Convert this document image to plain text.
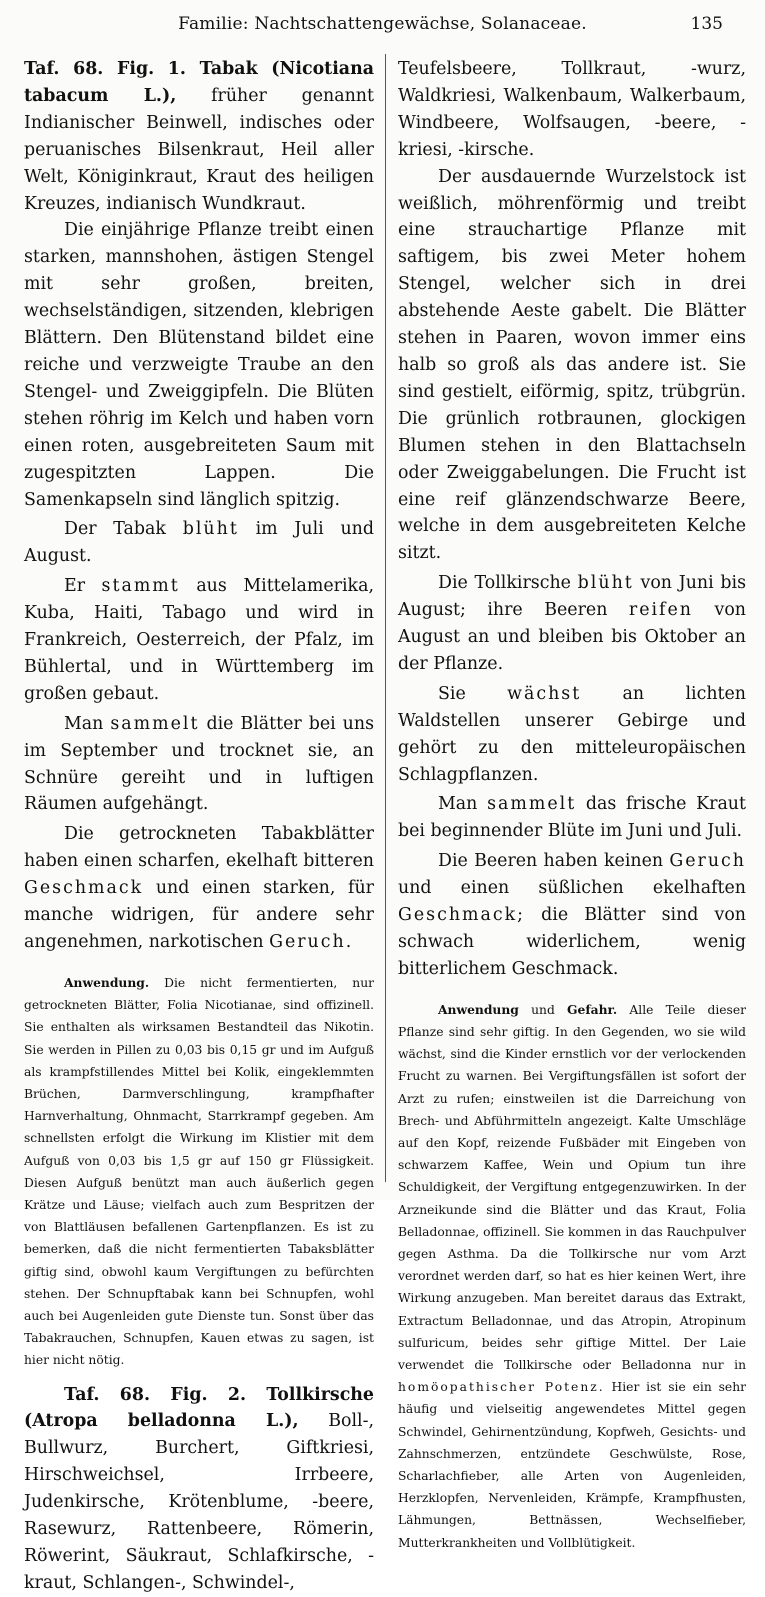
Familie: Nachtschattengewächse, Solanaceae.	135

Taf. 68. Fig. 1. Tabak (Nicotiana tabacum L.), früher genannt Indianischer Beinwell, indisches oder peruanisches Bilsenkraut, Heil aller Welt, Königinkraut, Kraut des heiligen Kreuzes, indianisch Wundkraut.

Die einjährige Pflanze treibt einen starken, mannshohen, ästigen Stengel mit sehr großen, breiten, wechselständigen, sitzenden, klebrigen Blättern. Den Blütenstand bildet eine reiche und verzweigte Traube an den Stengel- und Zweiggipfeln. Die Blüten stehen röhrig im Kelch und haben vorn einen roten, ausgebreiteten Saum mit zugespitzten Lappen. Die Samenkapseln sind länglich spitzig.

Der Tabak blüht im Juli und August.

Er stammt aus Mittelamerika, Kuba, Haiti, Tabago und wird in Frankreich, Oesterreich, der Pfalz, im Bühlertal, und in Württemberg im großen gebaut.

Man sammelt die Blätter bei uns im September und trocknet sie, an Schnüre gereiht und in luftigen Räumen aufgehängt.

Die getrockneten Tabakblätter haben einen scharfen, ekelhaft bitteren Geschmack und einen starken, für manche widrigen, für andere sehr angenehmen, narkotischen Geruch.

Anwendung. Die nicht fermentierten, nur getrockneten Blätter, Folia Nicotianae, sind offizinell. Sie enthalten als wirksamen Bestandteil das Nikotin. Sie werden in Pillen zu 0,03 bis 0,15 gr und im Aufguß als krampfstillendes Mittel bei Kolik, eingeklemmten Brüchen, Darmverschlingung, krampfhafter Harnverhaltung, Ohnmacht, Starrkrampf gegeben. Am schnellsten erfolgt die Wirkung im Klistier mit dem Aufguß von 0,03 bis 1,5 gr auf 150 gr Flüssigkeit. Diesen Aufguß benützt man auch äußerlich gegen Krätze und Läuse; vielfach auch zum Bespritzen der von Blattläusen befallenen Gartenpflanzen. Es ist zu bemerken, daß die nicht fermentierten Tabaksblätter giftig sind, obwohl kaum Vergiftungen zu befürchten stehen. Der Schnupftabak kann bei Schnupfen, wohl auch bei Augenleiden gute Dienste tun. Sonst über das Tabakrauchen, Schnupfen, Kauen etwas zu sagen, ist hier nicht nötig.

Taf. 68. Fig. 2. Tollkirsche (Atropa belladonna L.), Boll-, Bullwurz, Burchert, Giftkriesi, Hirschweichsel, Irrbeere, Judenkirsche, Krötenblume, -beere, Rasewurz, Rattenbeere, Römerin, Röwerint, Säukraut, Schlafkirsche, -kraut, Schlangen-, Schwindel-,

Teufelsbeere, Tollkraut, -wurz, Waldkriesi, Walkenbaum, Walkerbaum, Windbeere, Wolfsaugen, -beere, -kriesi, -kirsche.

Der ausdauernde Wurzelstock ist weißlich, möhrenförmig und treibt eine strauchartige Pflanze mit saftigem, bis zwei Meter hohem Stengel, welcher sich in drei abstehende Aeste gabelt. Die Blätter stehen in Paaren, wovon immer eins halb so groß als das andere ist. Sie sind gestielt, eiförmig, spitz, trübgrün. Die grünlich rotbraunen, glockigen Blumen stehen in den Blattachseln oder Zweiggabelungen. Die Frucht ist eine reif glänzendschwarze Beere, welche in dem ausgebreiteten Kelche sitzt.

Die Tollkirsche blüht von Juni bis August; ihre Beeren reifen von August an und bleiben bis Oktober an der Pflanze.

Sie wächst an lichten Waldstellen unserer Gebirge und gehört zu den mitteleuropäischen Schlagpflanzen.

Man sammelt das frische Kraut bei beginnender Blüte im Juni und Juli.

Die Beeren haben keinen Geruch und einen süßlichen ekelhaften Geschmack; die Blätter sind von schwach widerlichem, wenig bitterlichem Geschmack.

Anwendung und Gefahr. Alle Teile dieser Pflanze sind sehr giftig. In den Gegenden, wo sie wild wächst, sind die Kinder ernstlich vor der verlockenden Frucht zu warnen. Bei Vergiftungsfällen ist sofort der Arzt zu rufen; einstweilen ist die Darreichung von Brech- und Abführmitteln angezeigt. Kalte Umschläge auf den Kopf, reizende Fußbäder mit Eingeben von schwarzem Kaffee, Wein und Opium tun ihre Schuldigkeit, der Vergiftung entgegenzuwirken. In der Arzneikunde sind die Blätter und das Kraut, Folia Belladonnae, offizinell. Sie kommen in das Rauchpulver gegen Asthma. Da die Tollkirsche nur vom Arzt verordnet werden darf, so hat es hier keinen Wert, ihre Wirkung anzugeben. Man bereitet daraus das Extrakt, Extractum Belladonnae, und das Atropin, Atropinum sulfuricum, beides sehr giftige Mittel. Der Laie verwendet die Tollkirsche oder Belladonna nur in homöopathischer Potenz. Hier ist sie ein sehr häufig und vielseitig angewendetes Mittel gegen Schwindel, Gehirnentzündung, Kopfweh, Gesichts- und Zahnschmerzen, entzündete Geschwülste, Rose, Scharlachfieber, alle Arten von Augenleiden, Herzklopfen, Nervenleiden, Krämpfe, Krampfhusten, Lähmungen, Bettnässen, Wechselfieber, Mutterkrankheiten und Vollblütigkeit.
